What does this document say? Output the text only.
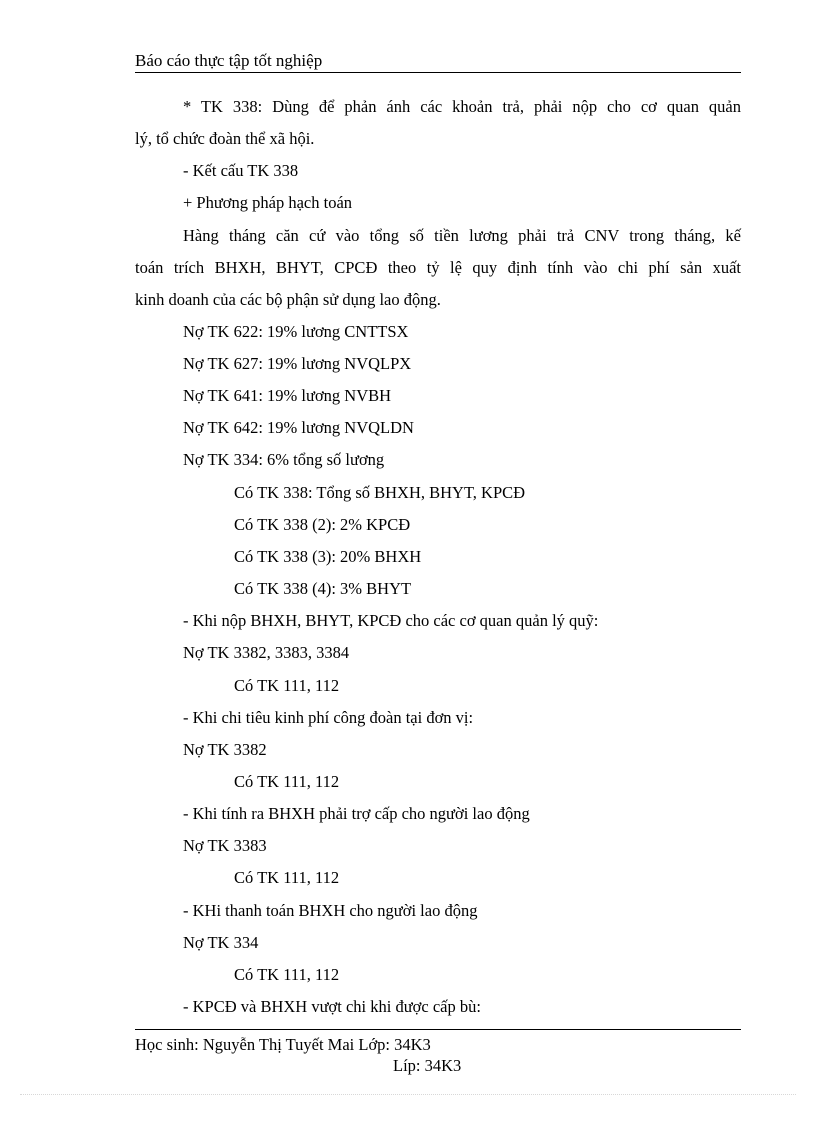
Báo cáo thực tập tốt nghiệp
* TK 338: Dùng để phản ánh các khoản trả, phải nộp cho cơ quan quản
lý, tổ chức đoàn thể xã hội.
- Kết cấu TK 338
+ Phương pháp hạch toán
Hàng tháng căn cứ vào tổng số tiền lương phải trả CNV trong tháng, kế
toán trích BHXH, BHYT, CPCĐ theo tỷ lệ quy định tính vào chi phí sản xuất
kinh doanh của các bộ phận sử dụng lao động.
Nợ TK 622: 19% lương CNTTSX
Nợ TK 627: 19% lương NVQLPX
Nợ TK 641: 19% lương NVBH
Nợ TK 642: 19% lương NVQLDN
Nợ TK 334: 6% tổng số lương
Có TK 338: Tổng số BHXH, BHYT, KPCĐ
Có TK 338 (2): 2% KPCĐ
Có TK 338 (3): 20% BHXH
Có TK 338 (4): 3% BHYT
- Khi nộp BHXH, BHYT, KPCĐ cho các cơ quan quản lý quỹ:
Nợ TK 3382, 3383, 3384
Có TK 111, 112
- Khi chi tiêu kinh phí công đoàn tại đơn vị:
Nợ TK 3382
Có TK 111, 112
- Khi tính ra BHXH phải trợ cấp cho người lao động
Nợ TK 3383
Có TK 111, 112
- KHi thanh toán BHXH cho người lao động
Nợ TK 334
Có TK 111, 112
- KPCĐ và BHXH vượt chi khi được cấp bù:
Học sinh: Nguyễn Thị Tuyết Mai Lớp: 34K3
Líp: 34K3
